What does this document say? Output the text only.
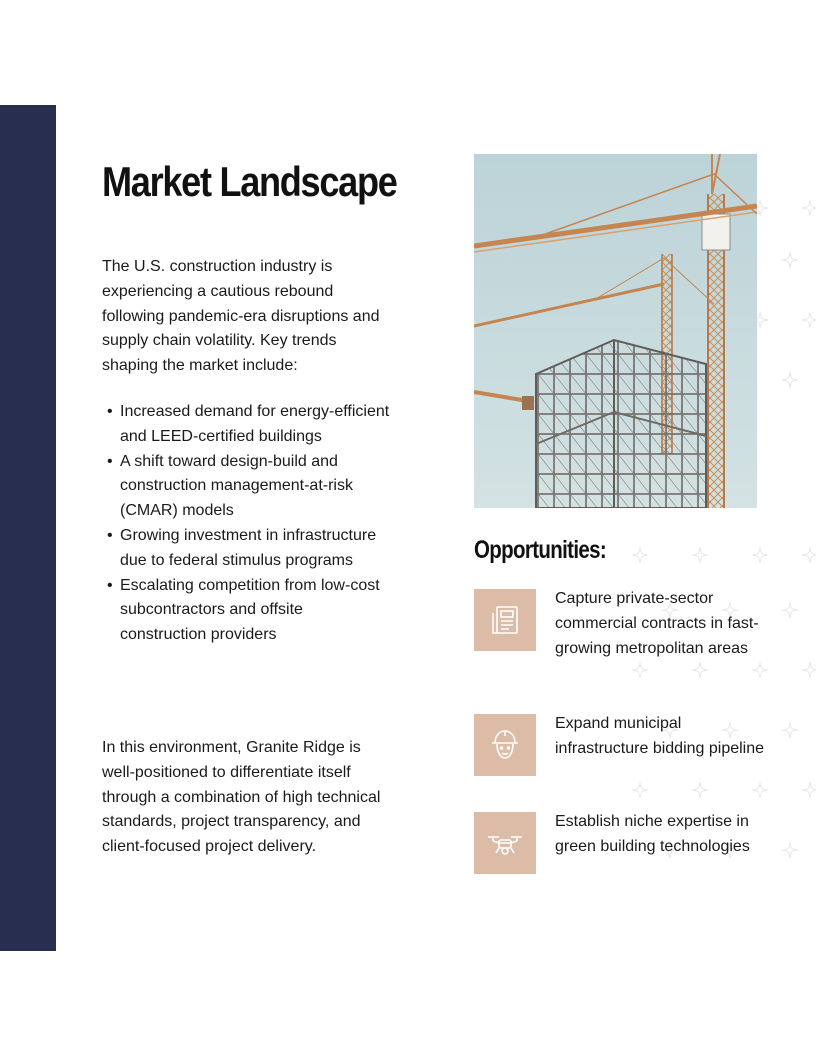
Market Landscape

The U.S. construction industry is experiencing a cautious rebound following pandemic-era disruptions and supply chain volatility. Key trends shaping the market include:

• Increased demand for energy-efficient and LEED-certified buildings
• A shift toward design-build and construction management-at-risk (CMAR) models
• Growing investment in infrastructure due to federal stimulus programs
• Escalating competition from low-cost subcontractors and offsite construction providers

In this environment, Granite Ridge is well-positioned to differentiate itself through a combination of high technical standards, project transparency, and client-focused project delivery.

Opportunities:

Capture private-sector commercial contracts in fast-growing metropolitan areas

Expand municipal infrastructure bidding pipeline

Establish niche expertise in green building technologies
